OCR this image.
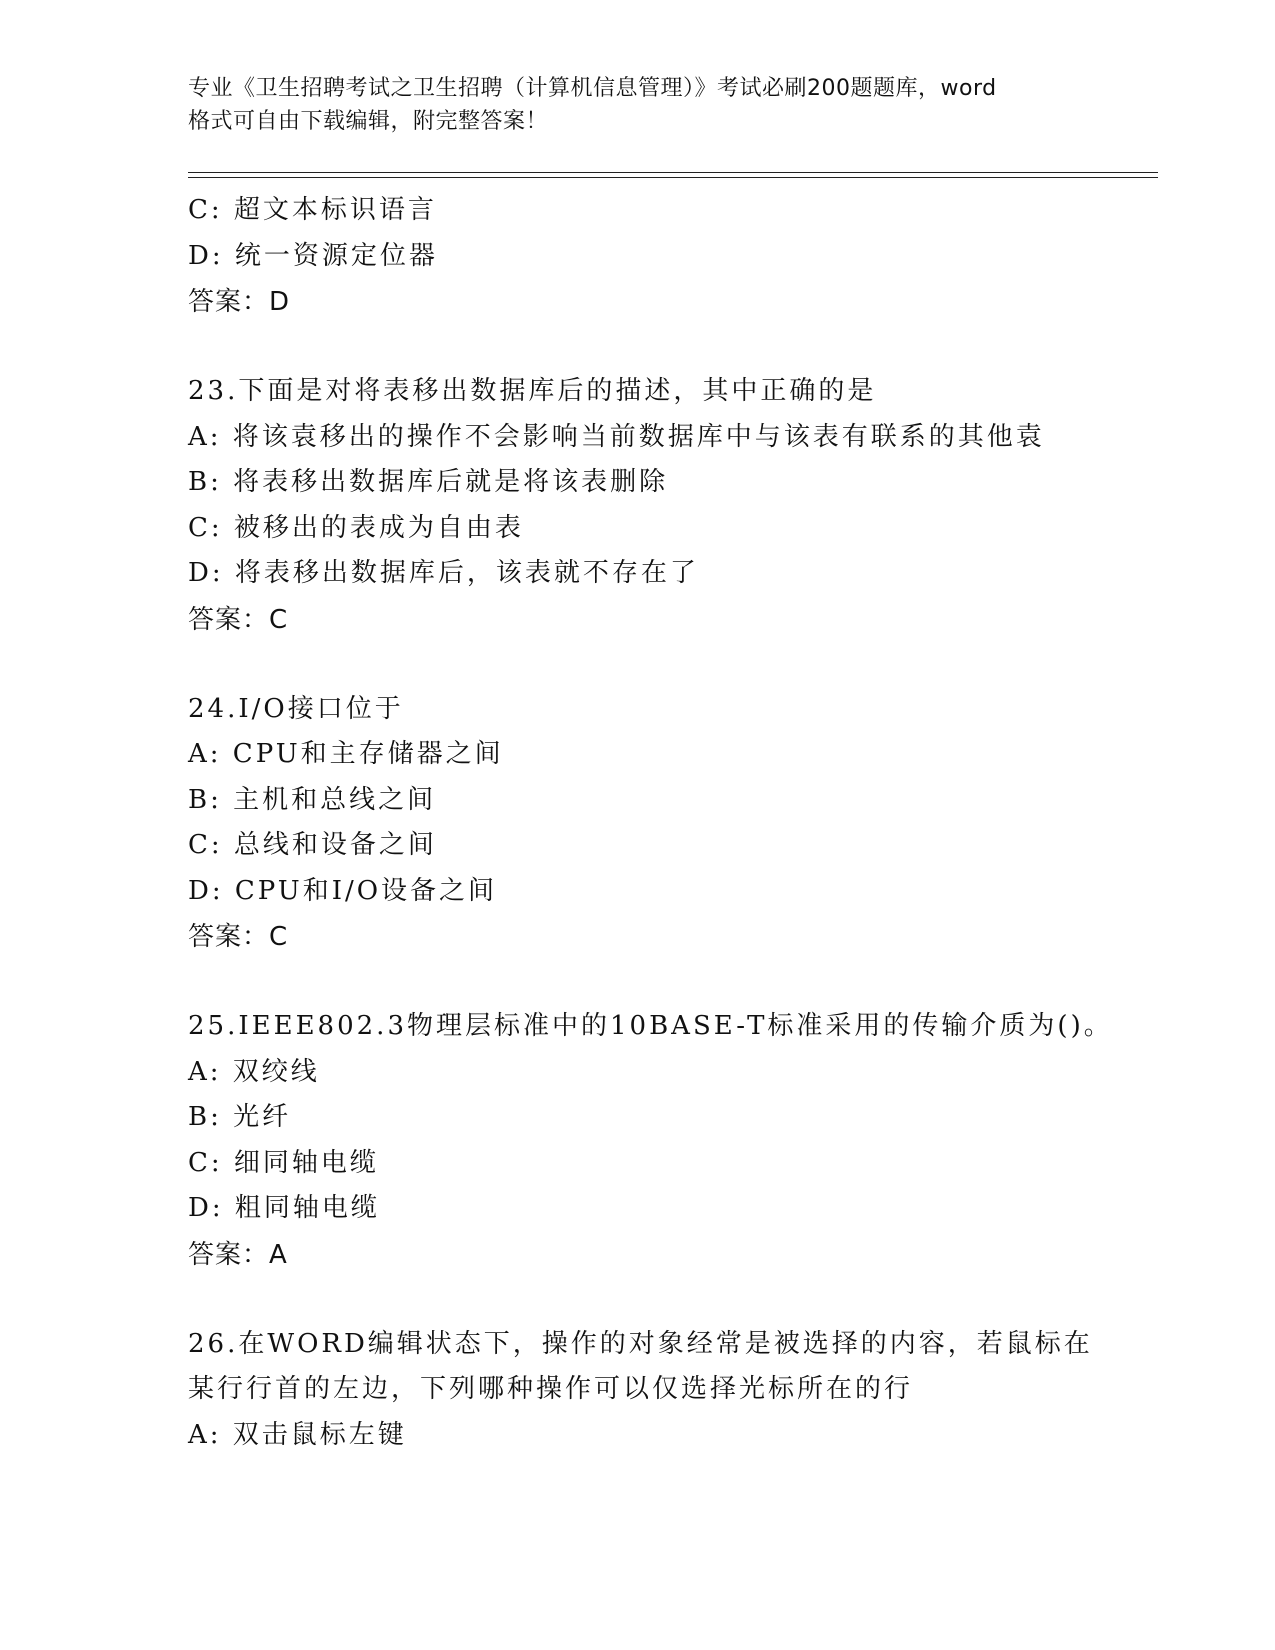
专业《卫生招聘考试之卫生招聘（计算机信息管理）》考试必刷200题题库，word
格式可自由下载编辑，附完整答案！
C: 超文本标识语言
D: 统一资源定位器
答案：D
23.下面是对将表移出数据库后的描述，其中正确的是
A: 将该袁移出的操作不会影响当前数据库中与该表有联系的其他袁
B: 将表移出数据库后就是将该表删除
C: 被移出的表成为自由表
D: 将表移出数据库后，该表就不存在了
答案：C
24.I/O接口位于
A: CPU和主存储器之间
B: 主机和总线之间
C: 总线和设备之间
D: CPU和I/O设备之间
答案：C
25.IEEE802.3物理层标准中的10BASE-T标准采用的传输介质为()。
A: 双绞线
B: 光纤
C: 细同轴电缆
D: 粗同轴电缆
答案：A
26.在WORD编辑状态下，操作的对象经常是被选择的内容，若鼠标在
某行行首的左边，下列哪种操作可以仅选择光标所在的行
A: 双击鼠标左键
